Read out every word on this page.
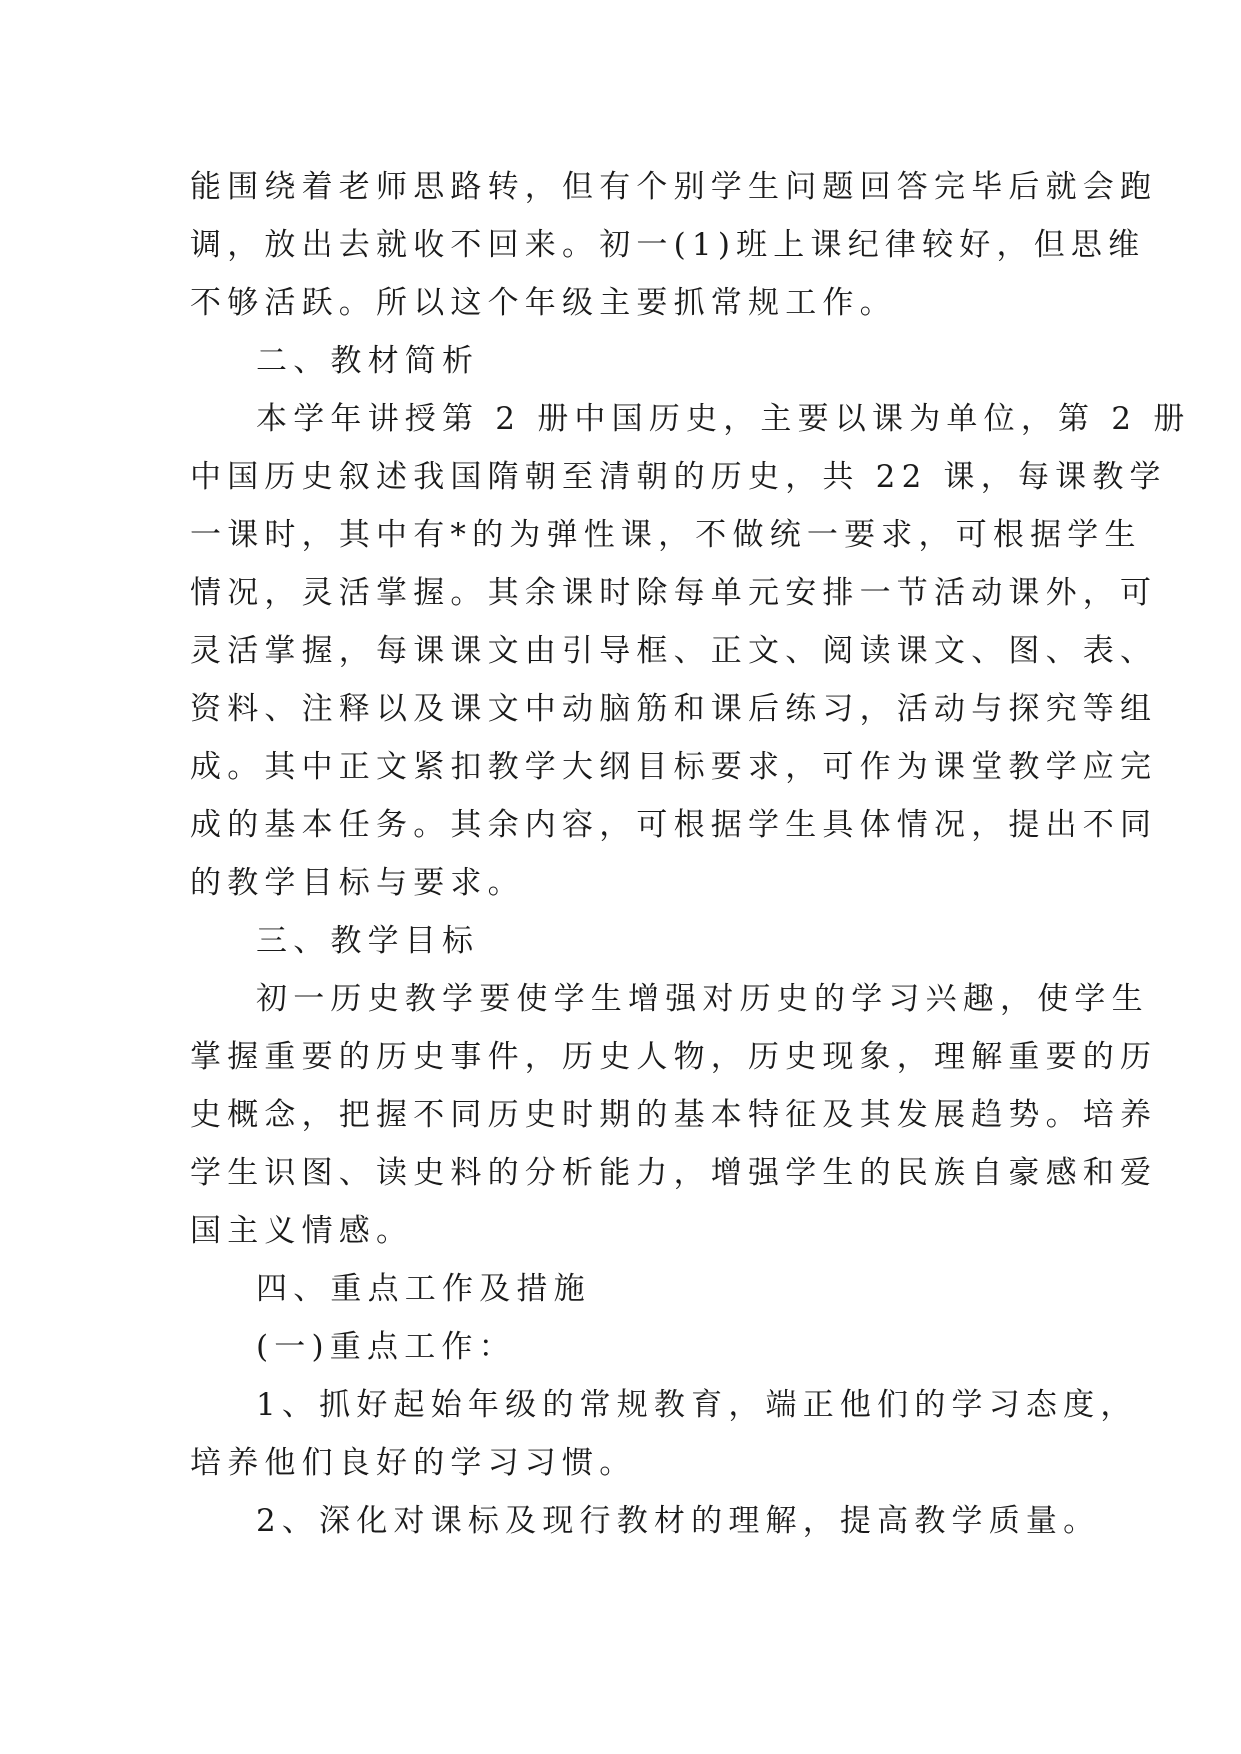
能围绕着老师思路转，但有个别学生问题回答完毕后就会跑
调，放出去就收不回来。初一(1)班上课纪律较好，但思维
不够活跃。所以这个年级主要抓常规工作。
二、教材简析
本学年讲授第 2 册中国历史，主要以课为单位，第 2 册
中国历史叙述我国隋朝至清朝的历史，共 22 课，每课教学
一课时，其中有*的为弹性课，不做统一要求，可根据学生
情况，灵活掌握。其余课时除每单元安排一节活动课外，可
灵活掌握，每课课文由引导框、正文、阅读课文、图、表、
资料、注释以及课文中动脑筋和课后练习，活动与探究等组
成。其中正文紧扣教学大纲目标要求，可作为课堂教学应完
成的基本任务。其余内容，可根据学生具体情况，提出不同
的教学目标与要求。
三、教学目标
初一历史教学要使学生增强对历史的学习兴趣，使学生
掌握重要的历史事件，历史人物，历史现象，理解重要的历
史概念，把握不同历史时期的基本特征及其发展趋势。培养
学生识图、读史料的分析能力，增强学生的民族自豪感和爱
国主义情感。
四、重点工作及措施
(一)重点工作：
1、抓好起始年级的常规教育，端正他们的学习态度，
培养他们良好的学习习惯。
2、深化对课标及现行教材的理解，提高教学质量。
